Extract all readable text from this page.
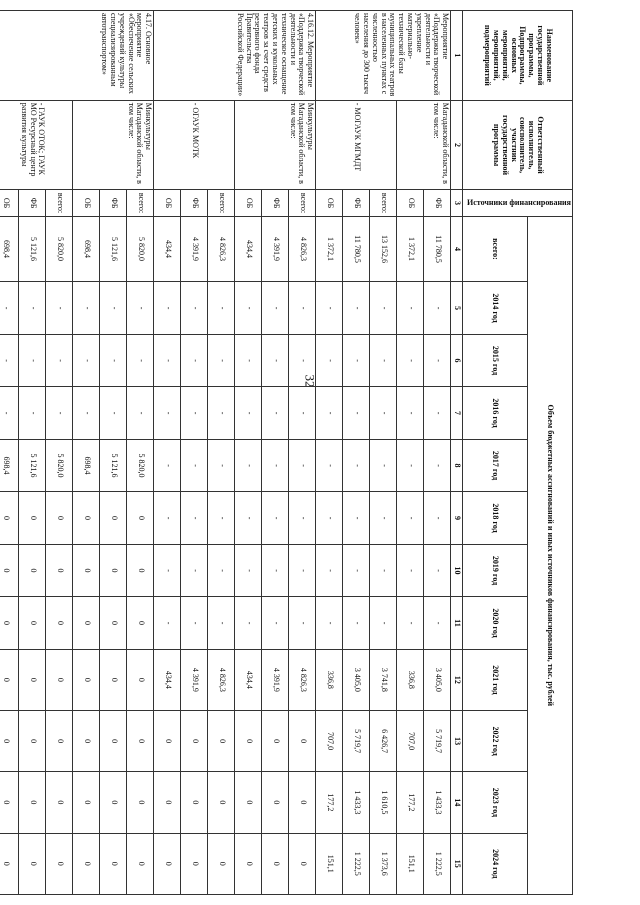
32
Наименование государственной программы, Подпрограммы, основных мероприятий, мероприятий, подмероприятий	Ответственный исполнитель, соисполнитель, участник государственной программы	Источники финансирования	Объем бюджетных ассигнований и иных источников финансирования, тыс. рублей											
			всего:	2014 год	2015 год	2016 год	2017 год	2018 год	2019 год	2020 год	2021 год	2022 год	2023 год	2024 год
1	2	3	4	5	6	7	8	9	10	11	12	13	14	15
Мероприятие «Поддержка творческой деятельности и укрепление материально-технической базы муниципальных театров в населенных пунктах с численностью населения до 300 тысяч человек»	Магаданской области, в том числе:	ФБ	11 780,5	-	-	-	-	-	-	-	3 405,0	5 719,7	1 433,3	1 222,5
		ОБ	1 372,1	-	-	-	-	-	-	-	336,8	707,0	177,2	151,1
	- МОГАУК МГМДТ	всего:	13 152,6	-	-	-	-	-	-	-	3 741,8	6 426,7	1 610,5	1 373,6
		ФБ	11 780,5	-	-	-	-	-	-	-	3 405,0	5 719,7	1 433,3	1 222,5
		ОБ	1 372,1	-	-	-	-	-	-	-	336,8	707,0	177,2	151,1
4.16.12. Мероприятие «Поддержка творческой деятельности и техническое оснащение детских и кукольных театров за счет средств резервного фонда Правительства Российской Федерации»	Минкультуры Магаданской области, в том числе:	всего:	4 826,3	-	-	-	-	-	-	-	4 826,3	0	0	0
		ФБ	4 391,9	-	-	-	-	-	-	-	4 391,9	0	0	0
		ОБ	434,4	-	-	-	-	-	-	-	434,4	0	0	0
	- ОГАУК МОТК	всего:	4 826,3	-	-	-	-	-	-	-	4 826,3	0	0	0
		ФБ	4 391,9	-	-	-	-	-	-	-	4 391,9	0	0	0
		ОБ	434,4	-	-	-	-	-	-	-	434,4	0	0	0
4.17. Основное мероприятие «Обеспечение сельских учреждений культуры специализированным автотранспортом»	Минкультуры Магаданской области, в том числе:	всего:	5 820,0	-	-	-	5 820,0	0	0	0	0	0	0	0
		ФБ	5 121,6	-	-	-	5 121,6	0	0	0	0	0	0	0
		ОБ	698,4	-	-	-	698,4	0	0	0	0	0	0	0
	- ГАУК ОТОК; ГАУК МО Ресурсный центр развития культуры	всего:	5 820,0	-	-	-	5 820,0	0	0	0	0	0	0	0
		ФБ	5 121,6	-	-	-	5 121,6	0	0	0	0	0	0	0
		ОБ	698,4	-	-	-	698,4	0	0	0	0	0	0	0
